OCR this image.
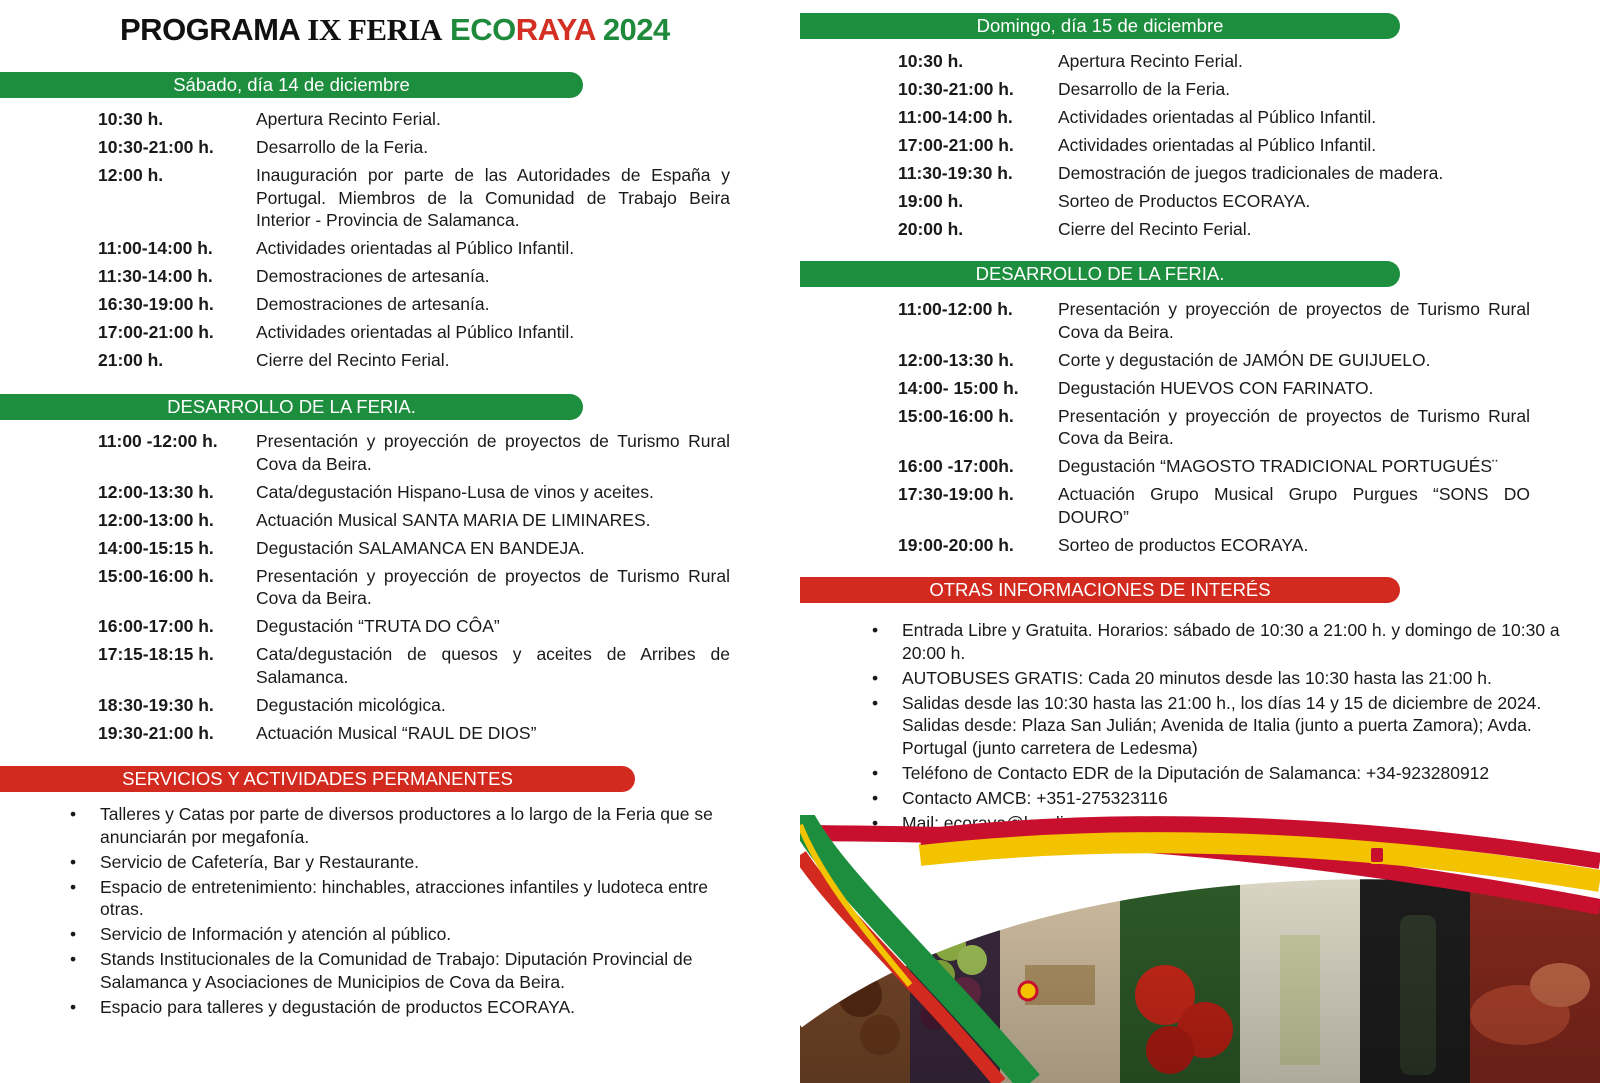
PROGRAMA IX FERIA ECORAYA 2024
Sábado, día 14 de diciembre
10:30 h.	Apertura Recinto Ferial.
10:30-21:00 h.	Desarrollo de la Feria.
12:00 h.	Inauguración por parte de las Autoridades de España y Portugal. Miembros de la Comunidad de Trabajo Beira Interior - Provincia de Salamanca.
11:00-14:00 h.	Actividades orientadas al Público Infantil.
11:30-14:00 h.	Demostraciones de artesanía.
16:30-19:00 h.	Demostraciones de artesanía.
17:00-21:00 h.	Actividades orientadas al Público Infantil.
21:00 h.	Cierre del Recinto Ferial.
DESARROLLO DE LA FERIA.
11:00 -12:00 h.	Presentación y proyección de proyectos de Turismo Rural Cova da Beira.
12:00-13:30 h.	Cata/degustación Hispano-Lusa de vinos y aceites.
12:00-13:00 h.	Actuación Musical SANTA MARIA DE LIMINARES.
14:00-15:15 h.	Degustación SALAMANCA EN BANDEJA.
15:00-16:00 h.	Presentación y proyección de proyectos de Turismo Rural Cova da Beira.
16:00-17:00 h.	Degustación “TRUTA DO CÔA”
17:15-18:15 h.	Cata/degustación de quesos y aceites de Arribes de Salamanca.
18:30-19:30 h.	Degustación micológica.
19:30-21:00 h.	Actuación Musical “RAUL DE DIOS”
SERVICIOS Y ACTIVIDADES PERMANENTES
• Talleres y Catas por parte de diversos productores a lo largo de la Feria que se anunciarán por megafonía.
• Servicio de Cafetería, Bar y Restaurante.
• Espacio de entretenimiento: hinchables, atracciones infantiles y ludoteca entre otras.
• Servicio de Información y atención al público.
• Stands Institucionales de la Comunidad de Trabajo: Diputación Provincial de Salamanca y Asociaciones de Municipios de Cova da Beira.
• Espacio para talleres y degustación de productos ECORAYA.
Domingo, día 15 de diciembre
10:30 h.	Apertura Recinto Ferial.
10:30-21:00 h.	Desarrollo de la Feria.
11:00-14:00 h.	Actividades orientadas al Público Infantil.
17:00-21:00 h.	Actividades orientadas al Público Infantil.
11:30-19:30 h.	Demostración de juegos tradicionales de madera.
19:00 h.	Sorteo de Productos ECORAYA.
20:00 h.	Cierre del Recinto Ferial.
DESARROLLO DE LA FERIA.
11:00-12:00 h.	Presentación y proyección de proyectos de Turismo Rural Cova da Beira.
12:00-13:30 h.	Corte y degustación de JAMÓN DE GUIJUELO.
14:00- 15:00 h.	Degustación HUEVOS CON FARINATO.
15:00-16:00 h.	Presentación y proyección de proyectos de Turismo Rural Cova da Beira.
16:00 -17:00h.	Degustación “MAGOSTO TRADICIONAL PORTUGUÉS¨
17:30-19:00 h.	Actuación Grupo Musical Grupo Purgues “SONS DO DOURO”
19:00-20:00 h.	Sorteo de productos ECORAYA.
OTRAS INFORMACIONES DE INTERÉS
• Entrada Libre y Gratuita. Horarios: sábado de 10:30 a 21:00 h. y domingo de 10:30 a 20:00 h.
• AUTOBUSES GRATIS: Cada 20 minutos desde las 10:30 hasta las 21:00 h.
• Salidas desde las 10:30 hasta las 21:00 h., los días 14 y 15 de diciembre de 2024. Salidas desde: Plaza San Julián; Avenida de Italia (junto a puerta Zamora); Avda. Portugal (junto carretera de Ledesma)
• Teléfono de Contacto EDR de la Diputación de Salamanca: +34-923280912
• Contacto AMCB: +351-275323116
• Mail: ecoraya@lasalina.es
